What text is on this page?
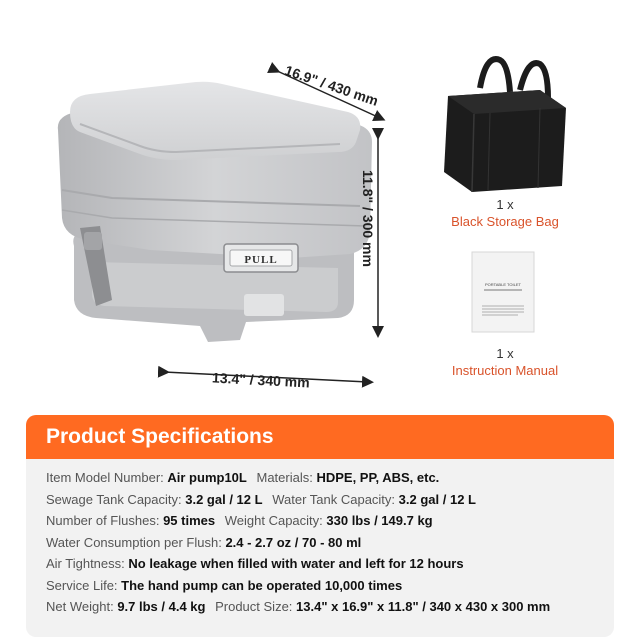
PULL
PORTABLE TOILET
16.9" / 430 mm
11.8" / 300 mm
13.4" / 340 mm
1 x
Black Storage Bag
1 x
Instruction Manual
Product Specifications
Item Model Number: Air pump10L Materials: HDPE, PP, ABS, etc.
Sewage Tank Capacity: 3.2 gal / 12 L Water Tank Capacity: 3.2 gal / 12 L
Number of Flushes: 95 times Weight Capacity: 330 lbs / 149.7 kg
Water Consumption per Flush: 2.4 - 2.7 oz / 70 - 80 ml
Air Tightness: No leakage when filled with water and left for 12 hours
Service Life: The hand pump can be operated 10,000 times
Net Weight: 9.7 lbs / 4.4 kg Product Size: 13.4" x 16.9" x 11.8" / 340 x 430 x 300 mm
